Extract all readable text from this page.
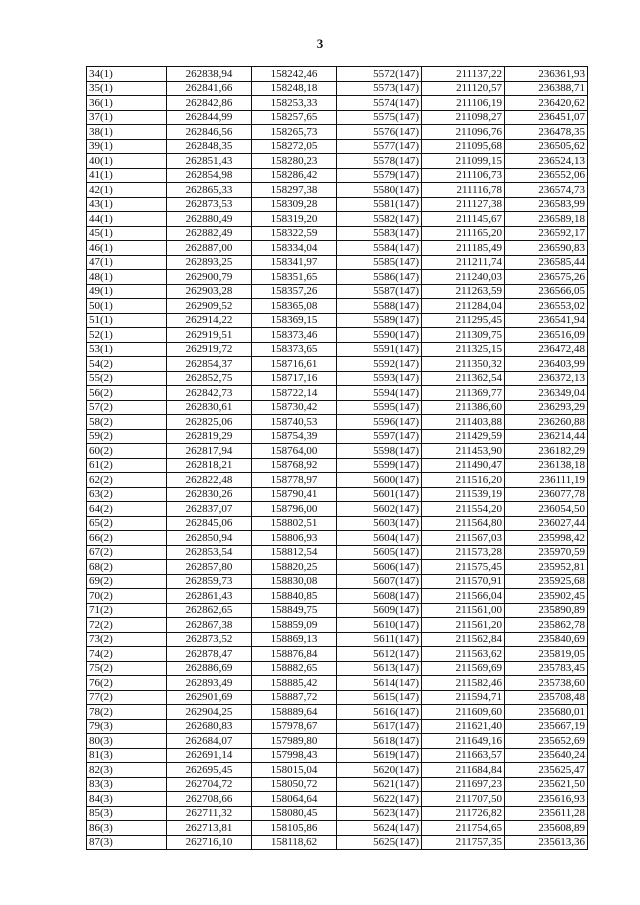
3
34(1)	262838,94	158242,46	5572(147)	211137,22	236361,93
35(1)	262841,66	158248,18	5573(147)	211120,57	236388,71
36(1)	262842,86	158253,33	5574(147)	211106,19	236420,62
37(1)	262844,99	158257,65	5575(147)	211098,27	236451,07
38(1)	262846,56	158265,73	5576(147)	211096,76	236478,35
39(1)	262848,35	158272,05	5577(147)	211095,68	236505,62
40(1)	262851,43	158280,23	5578(147)	211099,15	236524,13
41(1)	262854,98	158286,42	5579(147)	211106,73	236552,06
42(1)	262865,33	158297,38	5580(147)	211116,78	236574,73
43(1)	262873,53	158309,28	5581(147)	211127,38	236583,99
44(1)	262880,49	158319,20	5582(147)	211145,67	236589,18
45(1)	262882,49	158322,59	5583(147)	211165,20	236592,17
46(1)	262887,00	158334,04	5584(147)	211185,49	236590,83
47(1)	262893,25	158341,97	5585(147)	211211,74	236585,44
48(1)	262900,79	158351,65	5586(147)	211240,03	236575,26
49(1)	262903,28	158357,26	5587(147)	211263,59	236566,05
50(1)	262909,52	158365,08	5588(147)	211284,04	236553,02
51(1)	262914,22	158369,15	5589(147)	211295,45	236541,94
52(1)	262919,51	158373,46	5590(147)	211309,75	236516,09
53(1)	262919,72	158373,65	5591(147)	211325,15	236472,48
54(2)	262854,37	158716,61	5592(147)	211350,32	236403,99
55(2)	262852,75	158717,16	5593(147)	211362,54	236372,13
56(2)	262842,73	158722,14	5594(147)	211369,77	236349,04
57(2)	262830,61	158730,42	5595(147)	211386,60	236293,29
58(2)	262825,06	158740,53	5596(147)	211403,88	236260,88
59(2)	262819,29	158754,39	5597(147)	211429,59	236214,44
60(2)	262817,94	158764,00	5598(147)	211453,90	236182,29
61(2)	262818,21	158768,92	5599(147)	211490,47	236138,18
62(2)	262822,48	158778,97	5600(147)	211516,20	236111,19
63(2)	262830,26	158790,41	5601(147)	211539,19	236077,78
64(2)	262837,07	158796,00	5602(147)	211554,20	236054,50
65(2)	262845,06	158802,51	5603(147)	211564,80	236027,44
66(2)	262850,94	158806,93	5604(147)	211567,03	235998,42
67(2)	262853,54	158812,54	5605(147)	211573,28	235970,59
68(2)	262857,80	158820,25	5606(147)	211575,45	235952,81
69(2)	262859,73	158830,08	5607(147)	211570,91	235925,68
70(2)	262861,43	158840,85	5608(147)	211566,04	235902,45
71(2)	262862,65	158849,75	5609(147)	211561,00	235890,89
72(2)	262867,38	158859,09	5610(147)	211561,20	235862,78
73(2)	262873,52	158869,13	5611(147)	211562,84	235840,69
74(2)	262878,47	158876,84	5612(147)	211563,62	235819,05
75(2)	262886,69	158882,65	5613(147)	211569,69	235783,45
76(2)	262893,49	158885,42	5614(147)	211582,46	235738,60
77(2)	262901,69	158887,72	5615(147)	211594,71	235708,48
78(2)	262904,25	158889,64	5616(147)	211609,60	235680,01
79(3)	262680,83	157978,67	5617(147)	211621,40	235667,19
80(3)	262684,07	157989,80	5618(147)	211649,16	235652,69
81(3)	262691,14	157998,43	5619(147)	211663,57	235640,24
82(3)	262695,45	158015,04	5620(147)	211684,84	235625,47
83(3)	262704,72	158050,72	5621(147)	211697,23	235621,50
84(3)	262708,66	158064,64	5622(147)	211707,50	235616,93
85(3)	262711,32	158080,45	5623(147)	211726,82	235611,28
86(3)	262713,81	158105,86	5624(147)	211754,65	235608,89
87(3)	262716,10	158118,62	5625(147)	211757,35	235613,36
